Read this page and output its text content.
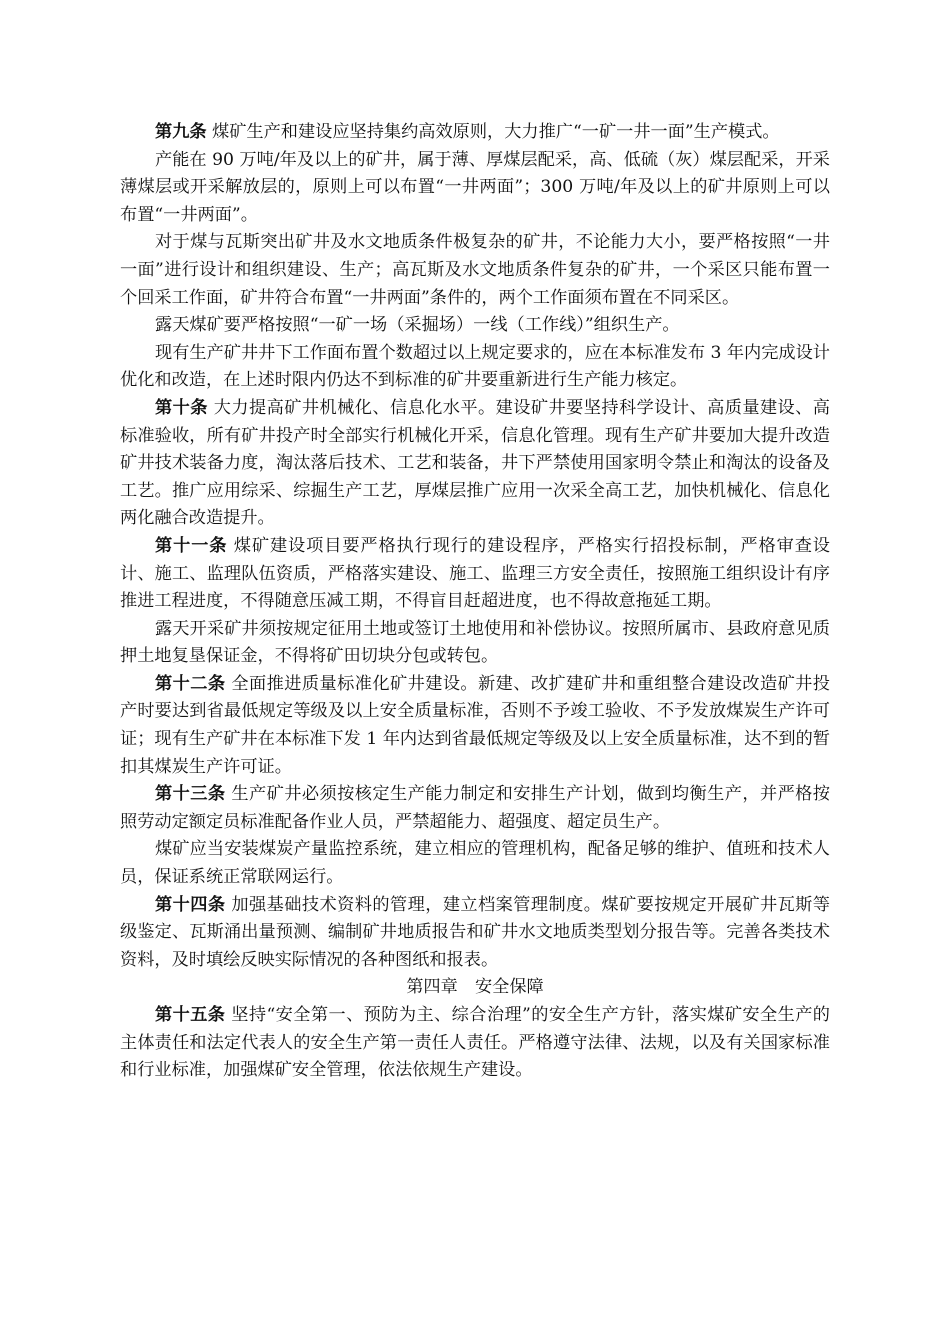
第九条 煤矿生产和建设应坚持集约高效原则，大力推广“一矿一井一面”生产模式。

产能在 90 万吨/年及以上的矿井，属于薄、厚煤层配采，高、低硫（灰）煤层配采，开采薄煤层或开采解放层的，原则上可以布置“一井两面”；300 万吨/年及以上的矿井原则上可以布置“一井两面”。

对于煤与瓦斯突出矿井及水文地质条件极复杂的矿井，不论能力大小，要严格按照“一井一面”进行设计和组织建设、生产；高瓦斯及水文地质条件复杂的矿井，一个采区只能布置一个回采工作面，矿井符合布置“一井两面”条件的，两个工作面须布置在不同采区。

露天煤矿要严格按照“一矿一场（采掘场）一线（工作线）”组织生产。

现有生产矿井井下工作面布置个数超过以上规定要求的，应在本标准发布 3 年内完成设计优化和改造，在上述时限内仍达不到标准的矿井要重新进行生产能力核定。

第十条 大力提高矿井机械化、信息化水平。建设矿井要坚持科学设计、高质量建设、高标准验收，所有矿井投产时全部实行机械化开采，信息化管理。现有生产矿井要加大提升改造矿井技术装备力度，淘汰落后技术、工艺和装备，井下严禁使用国家明令禁止和淘汰的设备及工艺。推广应用综采、综掘生产工艺，厚煤层推广应用一次采全高工艺，加快机械化、信息化两化融合改造提升。

第十一条 煤矿建设项目要严格执行现行的建设程序，严格实行招投标制，严格审查设计、施工、监理队伍资质，严格落实建设、施工、监理三方安全责任，按照施工组织设计有序推进工程进度，不得随意压减工期，不得盲目赶超进度，也不得故意拖延工期。

露天开采矿井须按规定征用土地或签订土地使用和补偿协议。按照所属市、县政府意见质押土地复垦保证金，不得将矿田切块分包或转包。

第十二条 全面推进质量标准化矿井建设。新建、改扩建矿井和重组整合建设改造矿井投产时要达到省最低规定等级及以上安全质量标准，否则不予竣工验收、不予发放煤炭生产许可证；现有生产矿井在本标准下发 1 年内达到省最低规定等级及以上安全质量标准，达不到的暂扣其煤炭生产许可证。

第十三条 生产矿井必须按核定生产能力制定和安排生产计划，做到均衡生产，并严格按照劳动定额定员标准配备作业人员，严禁超能力、超强度、超定员生产。

煤矿应当安装煤炭产量监控系统，建立相应的管理机构，配备足够的维护、值班和技术人员，保证系统正常联网运行。

第十四条 加强基础技术资料的管理，建立档案管理制度。煤矿要按规定开展矿井瓦斯等级鉴定、瓦斯涌出量预测、编制矿井地质报告和矿井水文地质类型划分报告等。完善各类技术资料，及时填绘反映实际情况的各种图纸和报表。

第四章　安全保障

第十五条 坚持“安全第一、预防为主、综合治理”的安全生产方针，落实煤矿安全生产的主体责任和法定代表人的安全生产第一责任人责任。严格遵守法律、法规，以及有关国家标准和行业标准，加强煤矿安全管理，依法依规生产建设。
